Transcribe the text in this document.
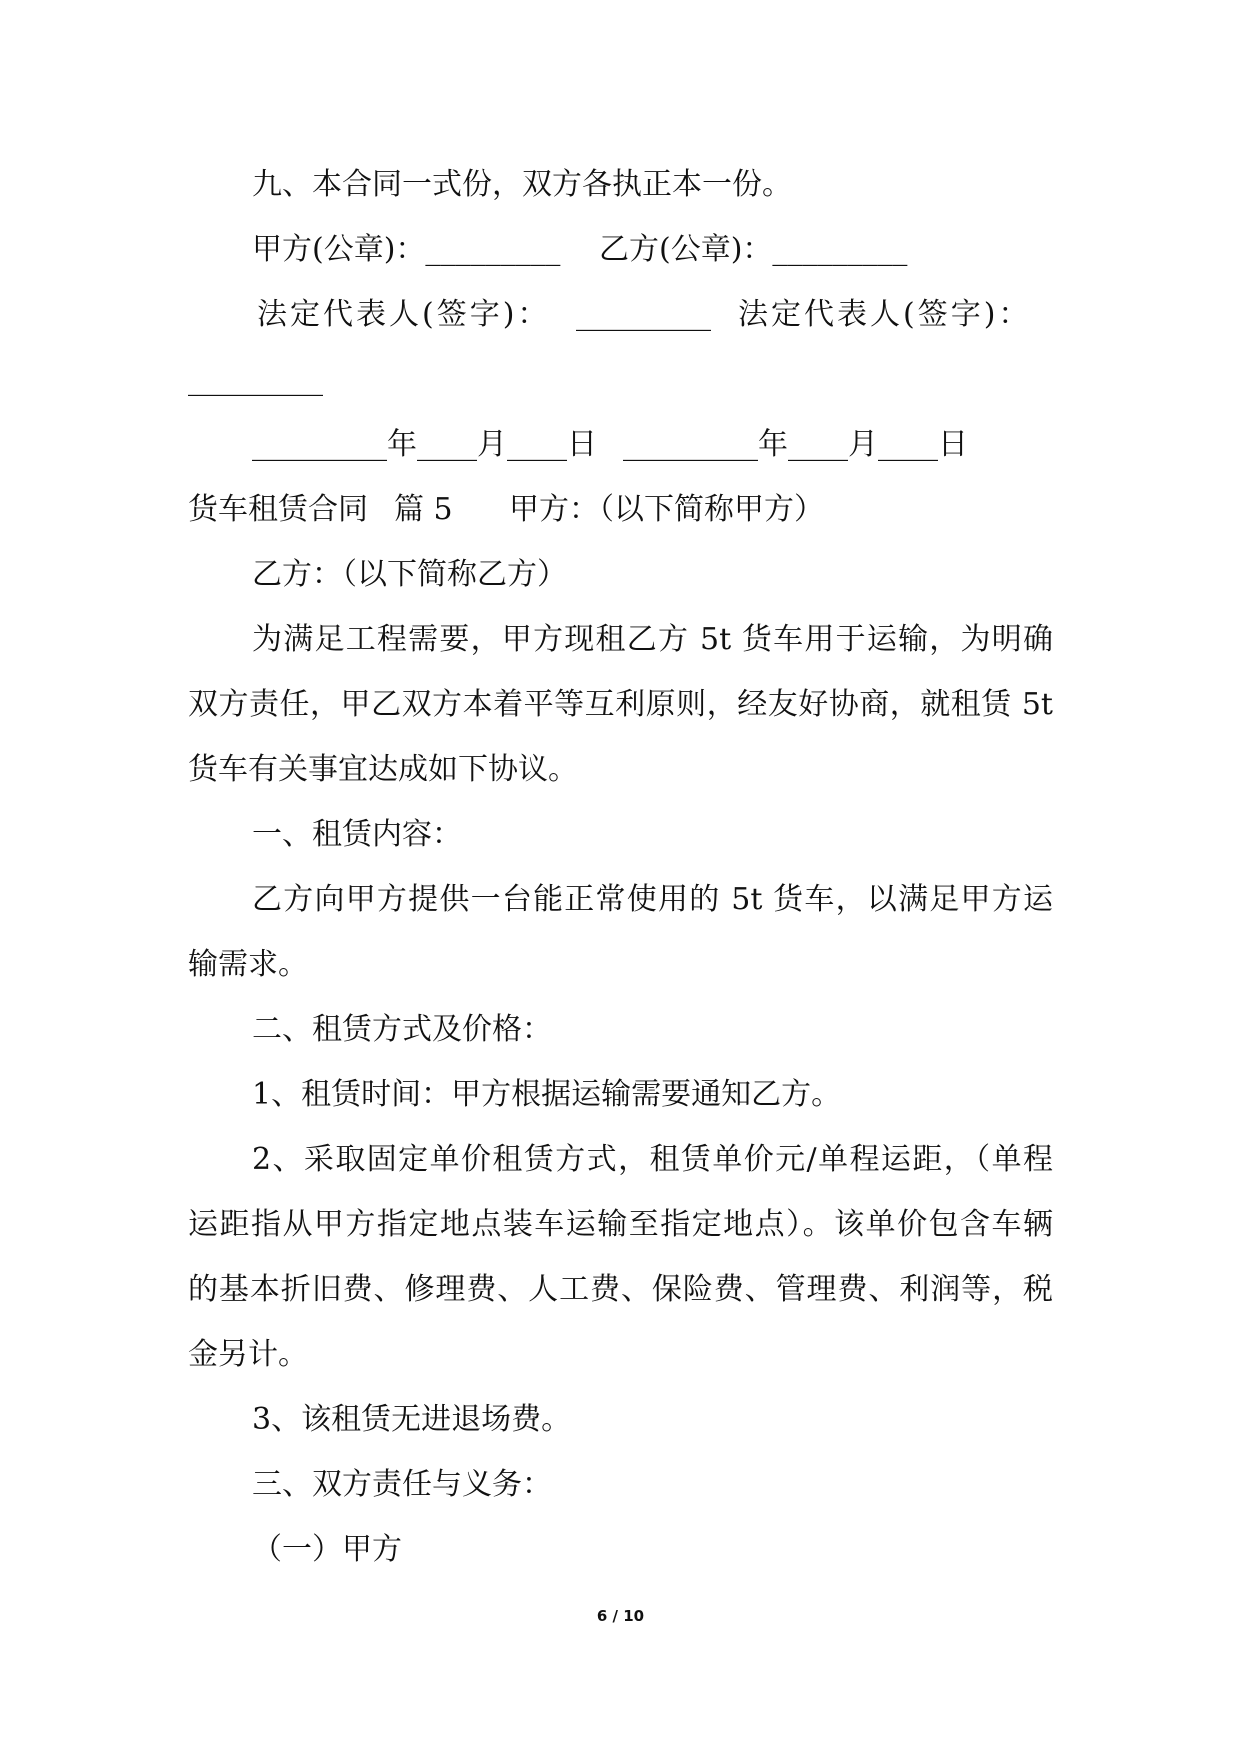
九、本合同一式份，双方各执正本一份。
甲方(公章)：_________ 乙方(公章)：_________
法定代表人(签字)： _________ 法定代表人(签字)：
_________
_________年____月____日 _________年____月____日
货车租赁合同 篇 5 甲方：（以下简称甲方）
乙方：（以下简称乙方）
为满足工程需要，甲方现租乙方 5t 货车用于运输，为明确
双方责任，甲乙双方本着平等互利原则，经友好协商，就租赁 5t
货车有关事宜达成如下协议。
一、租赁内容：
乙方向甲方提供一台能正常使用的 5t 货车，以满足甲方运
输需求。
二、租赁方式及价格：
1、租赁时间：甲方根据运输需要通知乙方。
2、采取固定单价租赁方式，租赁单价元/单程运距，（单程
运距指从甲方指定地点装车运输至指定地点）。该单价包含车辆
的基本折旧费、修理费、人工费、保险费、管理费、利润等，税
金另计。
3、该租赁无进退场费。
三、双方责任与义务：
（一）甲方
6 / 10
